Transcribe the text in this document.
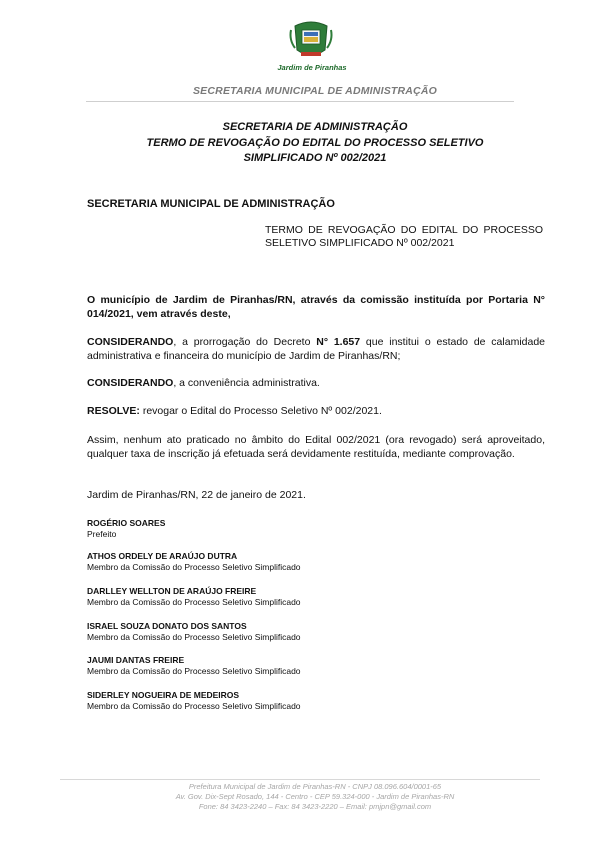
Jardim de Piranhas
SECRETARIA MUNICIPAL DE ADMINISTRAÇÃO
SECRETARIA DE ADMINISTRAÇÃO
TERMO DE REVOGAÇÃO DO EDITAL DO PROCESSO SELETIVO
SIMPLIFICADO Nº 002/2021
SECRETARIA MUNICIPAL DE ADMINISTRAÇÃO
TERMO DE REVOGAÇÃO DO EDITAL DO PROCESSO SELETIVO SIMPLIFICADO Nº 002/2021
O município de Jardim de Piranhas/RN, através da comissão instituída por Portaria N° 014/2021, vem através deste,
CONSIDERANDO, a prorrogação do Decreto N° 1.657 que institui o estado de calamidade administrativa e financeira do município de Jardim de Piranhas/RN;
CONSIDERANDO, a conveniência administrativa.
RESOLVE: revogar o Edital do Processo Seletivo Nº 002/2021.
Assim, nenhum ato praticado no âmbito do Edital 002/2021 (ora revogado) será aproveitado, qualquer taxa de inscrição já efetuada será devidamente restituída, mediante comprovação.
Jardim de Piranhas/RN, 22 de janeiro de 2021.
ROGÉRIO SOARES
Prefeito
ATHOS ORDELY DE ARAÚJO DUTRA
Membro da Comissão do Processo Seletivo Simplificado
DARLLEY WELLTON DE ARAÚJO FREIRE
Membro da Comissão do Processo Seletivo Simplificado
ISRAEL SOUZA DONATO DOS SANTOS
Membro da Comissão do Processo Seletivo Simplificado
JAUMI DANTAS FREIRE
Membro da Comissão do Processo Seletivo Simplificado
SIDERLEY NOGUEIRA DE MEDEIROS
Membro da Comissão do Processo Seletivo Simplificado
Prefeitura Municipal de Jardim de Piranhas-RN - CNPJ 08.096.604/0001-65
Av. Gov. Dix-Sept Rosado, 144 - Centro - CEP 59.324-000 - Jardim de Piranhas-RN
Fone: 84 3423-2240 – Fax: 84 3423-2220 – Email: pmjpn@gmail.com
